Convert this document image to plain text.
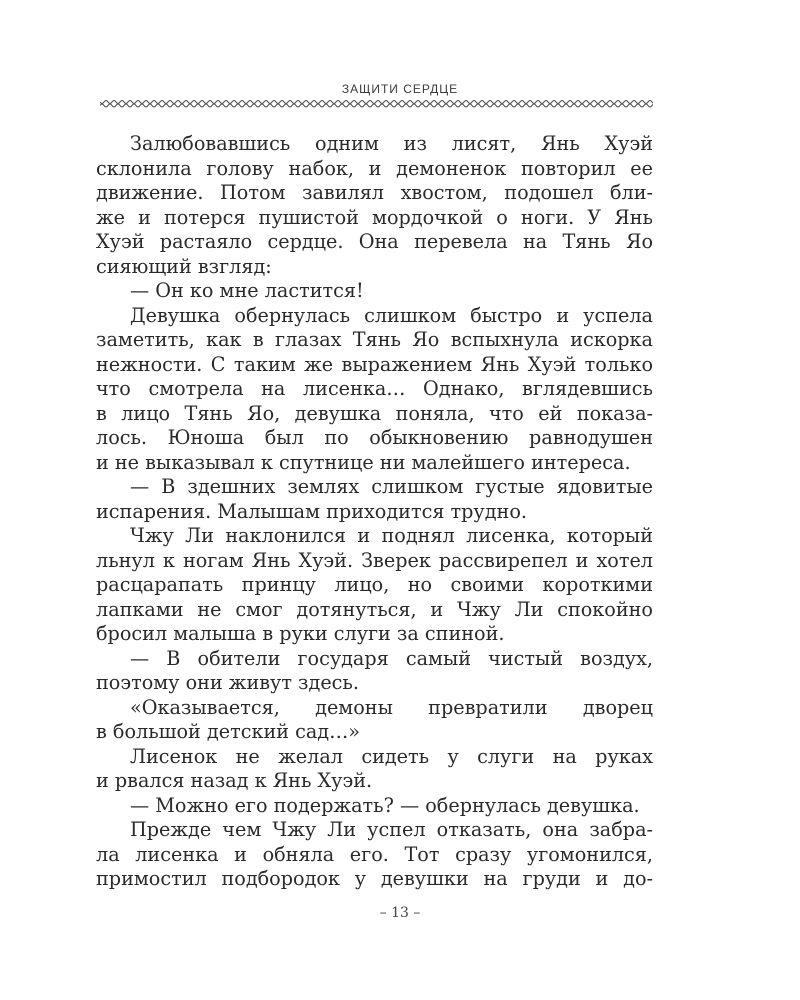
ЗАЩИТИ СЕРДЦЕ
Залюбовавшись одним из лисят, Янь Хуэй
склонила голову набок, и демоненок повторил ее
движение. Потом завилял хвостом, подошел бли-
же и потерся пушистой мордочкой о ноги. У Янь
Хуэй растаяло сердце. Она перевела на Тянь Яо
сияющий взгляд:
— Он ко мне ластится!
Девушка обернулась слишком быстро и успела
заметить, как в глазах Тянь Яо вспыхнула искорка
нежности. С таким же выражением Янь Хуэй только
что смотрела на лисенка… Однако, вглядевшись
в лицо Тянь Яо, девушка поняла, что ей показа-
лось. Юноша был по обыкновению равнодушен
и не выказывал к спутнице ни малейшего интереса.
— В здешних землях слишком густые ядовитые
испарения. Малышам приходится трудно.
Чжу Ли наклонился и поднял лисенка, который
льнул к ногам Янь Хуэй. Зверек рассвирепел и хотел
расцарапать принцу лицо, но своими короткими
лапками не смог дотянуться, и Чжу Ли спокойно
бросил малыша в руки слуги за спиной.
— В обители государя самый чистый воздух,
поэтому они живут здесь.
«Оказывается, демоны превратили дворец
в большой детский сад…»
Лисенок не желал сидеть у слуги на руках
и рвался назад к Янь Хуэй.
— Можно его подержать? — обернулась девушка.
Прежде чем Чжу Ли успел отказать, она забра-
ла лисенка и обняла его. Тот сразу угомонился,
примостил подбородок у девушки на груди и до-
– 13 –
